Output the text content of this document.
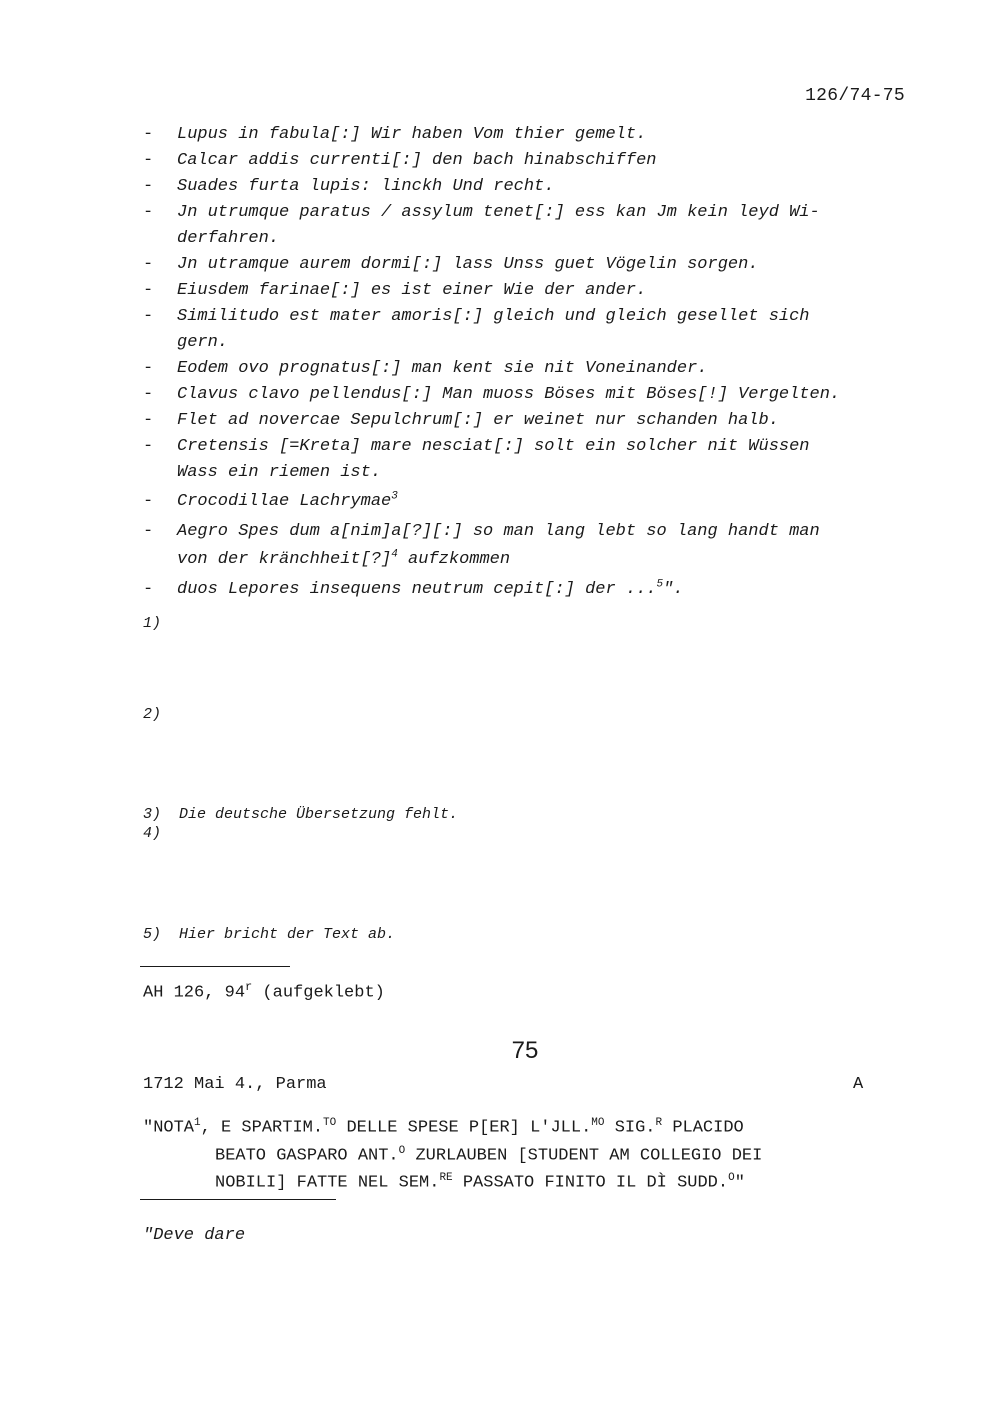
126/74-75
- Lupus in fabula[:] Wir haben Vom thier gemelt.
- Calcar addis currenti[:] den bach hinabschiffen
- Suades furta lupis: linckh Und recht.
- Jn utrumque paratus / assylum tenet[:] ess kan Jm kein leyd Wi-
derfahren.
- Jn utramque aurem dormi[:] lass Unss guet Vögelin sorgen.
- Eiusdem farinae[:] es ist einer Wie der ander.
- Similitudo est mater amoris[:] gleich und gleich gesellet sich
gern.
- Eodem ovo prognatus[:] man kent sie nit Voneinander.
- Clavus clavo pellendus[:] Man muoss Böses mit Böses[!] Vergelten.
- Flet ad novercae Sepulchrum[:] er weinet nur schanden halb.
- Cretensis [=Kreta] mare nesciat[:] solt ein solcher nit Wüssen
Wass ein riemen ist.
- Crocodillae Lachrymae$^3$
- Aegro Spes dum a[nim]a[?][:] so man lang lebt so lang handt man
von der kränchheit[?]$^4$ aufzkommen
- duos Lepores insequens neutrum cepit[:] der ...$^5$".
1)
2)
3) Die deutsche Übersetzung fehlt.
4)
5) Hier bricht der Text ab.
AH 126, 94$^r$ (aufgeklebt)
75
1712 Mai 4., Parma	A
"NOTA$^1$, E SPARTIM.$^{TO}$ DELLE SPESE P[ER] L'JLL.$^{MO}$ SIG.$^R$ PLACIDO
BEATO GASPARO ANT.$^O$ ZURLAUBEN [STUDENT AM COLLEGIO DEI
NOBILI] FATTE NEL SEM.$^{RE}$ PASSATO FINITO IL DÌ SUDD.$^O$"
"Deve dare
